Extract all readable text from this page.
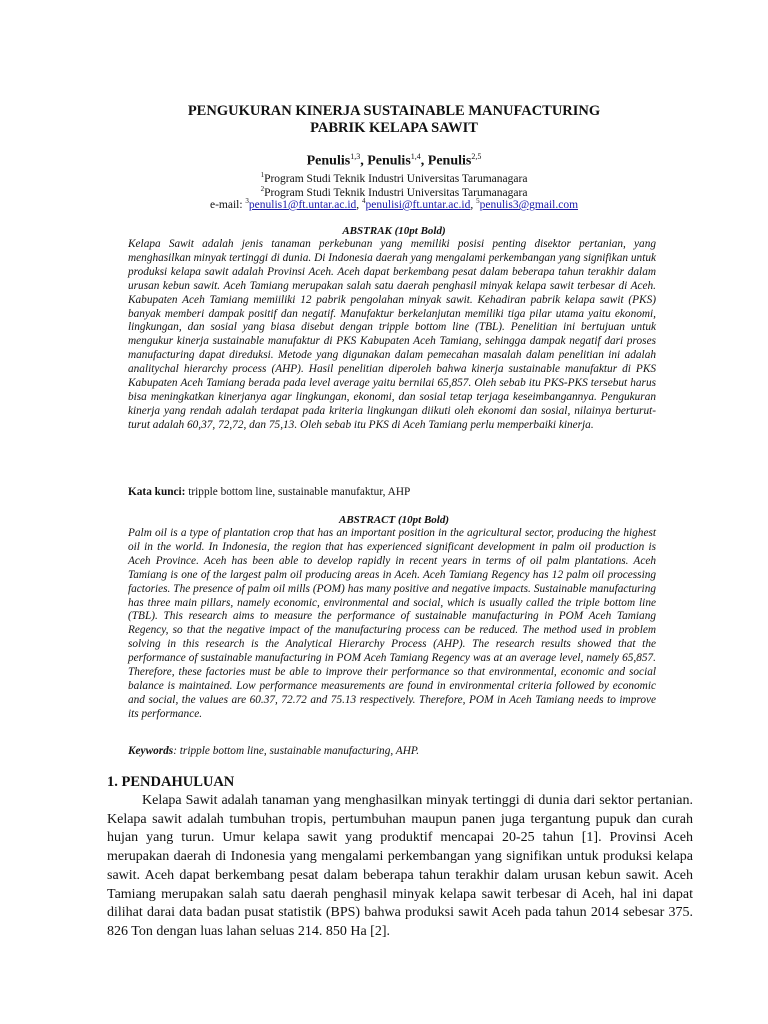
PENGUKURAN KINERJA SUSTAINABLE MANUFACTURING
PABRIK KELAPA SAWIT
Penulis$^{1,3}$, Penulis$^{1,4}$, Penulis$^{2,5}$
$^1$Program Studi Teknik Industri Universitas Tarumanagara
$^2$Program Studi Teknik Industri Universitas Tarumanagara
e-mail: $^3$penulis1@ft.untar.ac.id, $^4$penulisi@ft.untar.ac.id, $^5$penulis3@gmail.com
ABSTRAK (10pt Bold)

Kelapa Sawit adalah jenis tanaman perkebunan yang memiliki posisi penting disektor pertanian, yang menghasilkan minyak tertinggi di dunia. Di Indonesia daerah yang mengalami perkembangan yang signifikan untuk produksi kelapa sawit adalah Provinsi Aceh. Aceh dapat berkembang pesat dalam beberapa tahun terakhir dalam urusan kebun sawit. Aceh Tamiang merupakan salah satu daerah penghasil minyak kelapa sawit terbesar di Aceh. Kabupaten Aceh Tamiang memiiliki 12 pabrik pengolahan minyak sawit. Kehadiran pabrik kelapa sawit (PKS) banyak memberi dampak positif dan negatif. Manufaktur berkelanjutan memiliki tiga pilar utama yaitu ekonomi, lingkungan, dan sosial yang biasa disebut dengan tripple bottom line (TBL). Penelitian ini bertujuan untuk mengukur kinerja sustainable manufaktur di PKS Kabupaten Aceh Tamiang, sehingga dampak negatif dari proses manufacturing dapat direduksi. Metode yang digunakan dalam pemecahan masalah dalam penelitian ini adalah analitychal hierarchy process (AHP). Hasil penelitian diperoleh bahwa kinerja sustainable manufaktur di PKS Kabupaten Aceh Tamiang berada pada level average yaitu bernilai 65,857. Oleh sebab itu PKS-PKS tersebut harus bisa meningkatkan kinerjanya agar lingkungan, ekonomi, dan sosial tetap terjaga keseimbangannya. Pengukuran kinerja yang rendah adalah terdapat pada kriteria lingkungan diikuti oleh ekonomi dan sosial, nilainya berturut-turut adalah 60,37, 72,72, dan 75,13. Oleh sebab itu PKS di Aceh Tamiang perlu memperbaiki kinerja.

Kata kunci: tripple bottom line, sustainable manufaktur, AHP
ABSTRACT (10pt Bold)

Palm oil is a type of plantation crop that has an important position in the agricultural sector, producing the highest oil in the world. In Indonesia, the region that has experienced significant development in palm oil production is Aceh Province. Aceh has been able to develop rapidly in recent years in terms of oil palm plantations. Aceh Tamiang is one of the largest palm oil producing areas in Aceh. Aceh Tamiang Regency has 12 palm oil processing factories. The presence of palm oil mills (POM) has many positive and negative impacts. Sustainable manufacturing has three main pillars, namely economic, environmental and social, which is usually called the triple bottom line (TBL). This research aims to measure the performance of sustainable manufacturing in POM Aceh Tamiang Regency, so that the negative impact of the manufacturing process can be reduced. The method used in problem solving in this research is the Analytical Hierarchy Process (AHP). The research results showed that the performance of sustainable manufacturing in POM Aceh Tamiang Regency was at an average level, namely 65,857. Therefore, these factories must be able to improve their performance so that environmental, economic and social balance is maintained. Low performance measurements are found in environmental criteria followed by economic and social, the values are 60.37, 72.72 and 75.13 respectively. Therefore, POM in Aceh Tamiang needs to improve its performance.

Keywords: tripple bottom line, sustainable manufacturing, AHP.
1. PENDAHULUAN

Kelapa Sawit adalah tanaman yang menghasilkan minyak tertinggi di dunia dari sektor pertanian. Kelapa sawit adalah tumbuhan tropis, pertumbuhan maupun panen juga tergantung pupuk dan curah hujan yang turun. Umur kelapa sawit yang produktif mencapai 20-25 tahun [1]. Provinsi Aceh merupakan daerah di Indonesia yang mengalami perkembangan yang signifikan untuk produksi kelapa sawit. Aceh dapat berkembang pesat dalam beberapa tahun terakhir dalam urusan kebun sawit. Aceh Tamiang merupakan salah satu daerah penghasil minyak kelapa sawit terbesar di Aceh, hal ini dapat dilihat darai data badan pusat statistik (BPS) bahwa produksi sawit Aceh pada tahun 2014 sebesar 375. 826 Ton dengan luas lahan seluas 214. 850 Ha [2].
